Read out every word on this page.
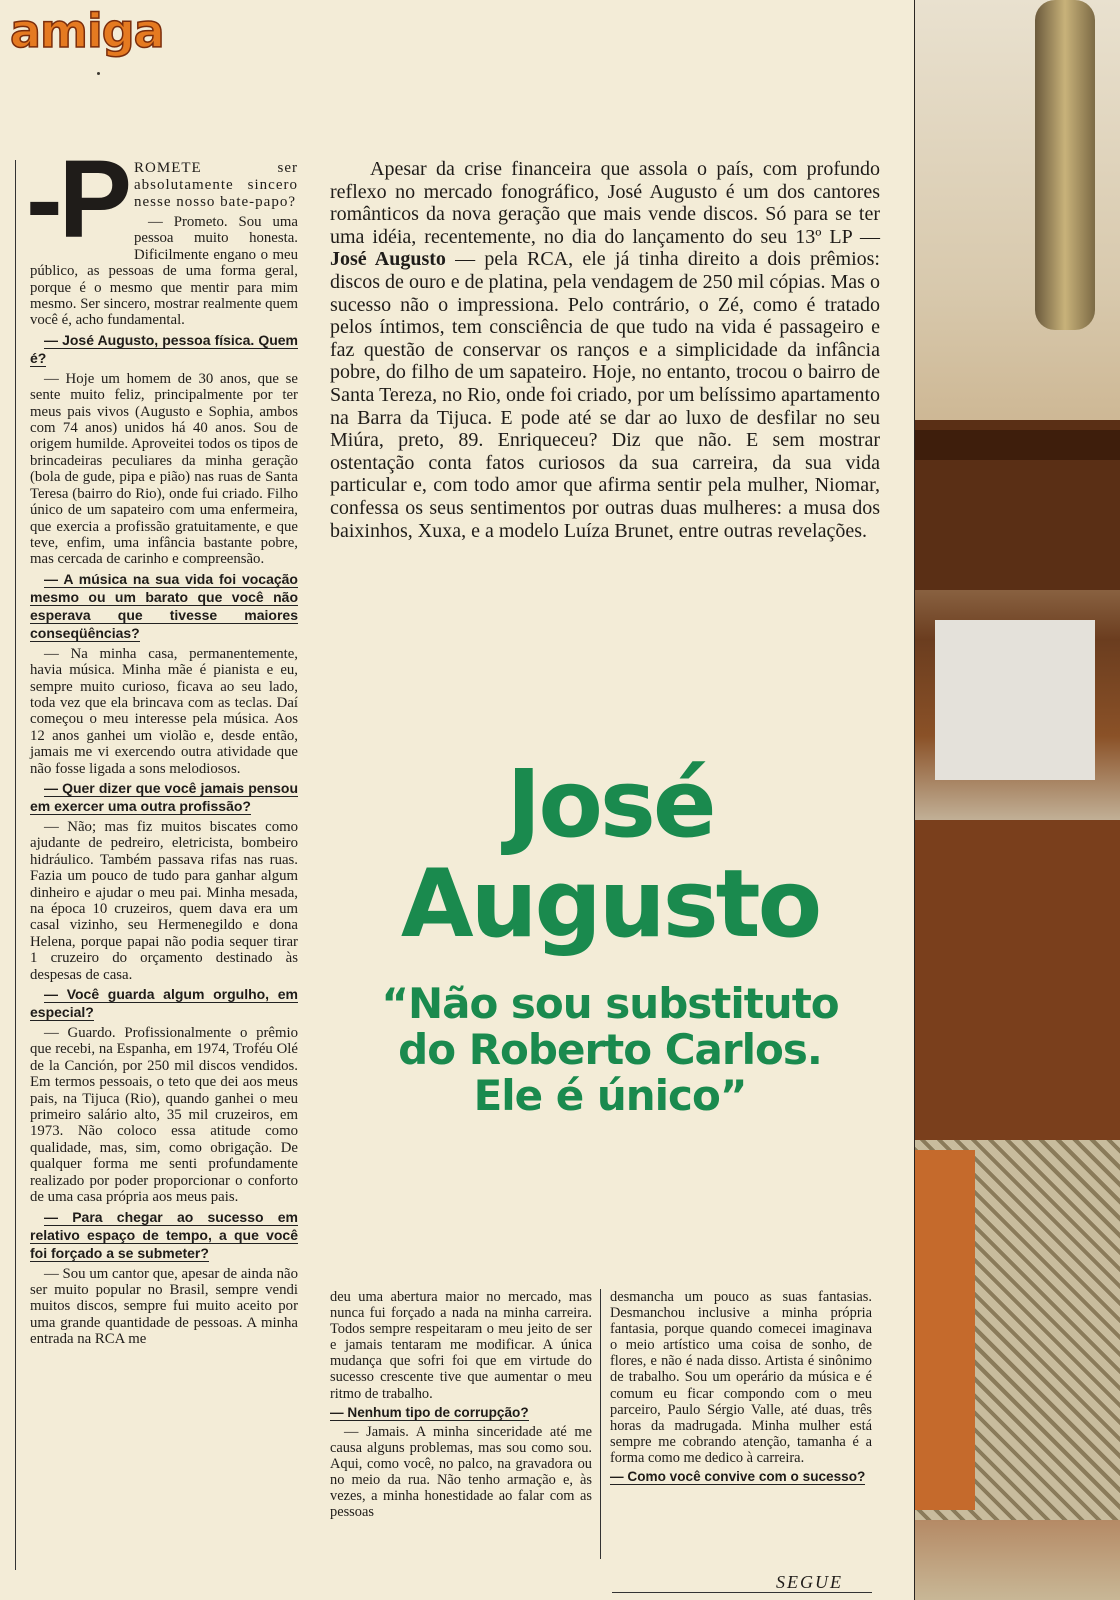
amiga
-P ROMETE ser absolutamente sincero nesse nosso bate-papo?

— Prometo. Sou uma pessoa muito honesta. Dificilmente engano o meu público, as pessoas de uma forma geral, porque é o mesmo que mentir para mim mesmo. Ser sincero, mostrar realmente quem você é, acho fundamental.

— José Augusto, pessoa física. Quem é?

— Hoje um homem de 30 anos, que se sente muito feliz, principalmente por ter meus pais vivos (Augusto e Sophia, ambos com 74 anos) unidos há 40 anos. Sou de origem humilde. Aproveitei todos os tipos de brincadeiras peculiares da minha geração (bola de gude, pipa e pião) nas ruas de Santa Teresa (bairro do Rio), onde fui criado. Filho único de um sapateiro com uma enfermeira, que exercia a profissão gratuitamente, e que teve, enfim, uma infância bastante pobre, mas cercada de carinho e compreensão.

— A música na sua vida foi vocação mesmo ou um barato que você não esperava que tivesse maiores conseqüências?

— Na minha casa, permanentemente, havia música. Minha mãe é pianista e eu, sempre muito curioso, ficava ao seu lado, toda vez que ela brincava com as teclas. Daí começou o meu interesse pela música. Aos 12 anos ganhei um violão e, desde então, jamais me vi exercendo outra atividade que não fosse ligada a sons melodiosos.

— Quer dizer que você jamais pensou em exercer uma outra profissão?

— Não; mas fiz muitos biscates como ajudante de pedreiro, eletricista, bombeiro hidráulico. Também passava rifas nas ruas. Fazia um pouco de tudo para ganhar algum dinheiro e ajudar o meu pai. Minha mesada, na época 10 cruzeiros, quem dava era um casal vizinho, seu Hermenegildo e dona Helena, porque papai não podia sequer tirar 1 cruzeiro do orçamento destinado às despesas de casa.

— Você guarda algum orgulho, em especial?

— Guardo. Profissionalmente o prêmio que recebi, na Espanha, em 1974, Troféu Olé de la Canción, por 250 mil discos vendidos. Em termos pessoais, o teto que dei aos meus pais, na Tijuca (Rio), quando ganhei o meu primeiro salário alto, 35 mil cruzeiros, em 1973. Não coloco essa atitude como qualidade, mas, sim, como obrigação. De qualquer forma me senti profundamente realizado por poder proporcionar o conforto de uma casa própria aos meus pais.

— Para chegar ao sucesso em relativo espaço de tempo, a que você foi forçado a se submeter?

— Sou um cantor que, apesar de ainda não ser muito popular no Brasil, sempre vendi muitos discos, sempre fui muito aceito por uma grande quantidade de pessoas. A minha entrada na RCA me

Apesar da crise financeira que assola o país, com profundo reflexo no mercado fonográfico, José Augusto é um dos cantores românticos da nova geração que mais vende discos. Só para se ter uma idéia, recentemente, no dia do lançamento do seu 13º LP — José Augusto — pela RCA, ele já tinha direito a dois prêmios: discos de ouro e de platina, pela vendagem de 250 mil cópias. Mas o sucesso não o impressiona. Pelo contrário, o Zé, como é tratado pelos íntimos, tem consciência de que tudo na vida é passageiro e faz questão de conservar os ranços e a simplicidade da infância pobre, do filho de um sapateiro. Hoje, no entanto, trocou o bairro de Santa Tereza, no Rio, onde foi criado, por um belíssimo apartamento na Barra da Tijuca. E pode até se dar ao luxo de desfilar no seu Miúra, preto, 89. Enriqueceu? Diz que não. E sem mostrar ostentação conta fatos curiosos da sua carreira, da sua vida particular e, com todo amor que afirma sentir pela mulher, Niomar, confessa os seus sentimentos por outras duas mulheres: a musa dos baixinhos, Xuxa, e a modelo Luíza Brunet, entre outras revelações.

José
Augusto
“Não sou substituto
do Roberto Carlos.
Ele é único”

deu uma abertura maior no mercado, mas nunca fui forçado a nada na minha carreira. Todos sempre respeitaram o meu jeito de ser e jamais tentaram me modificar. A única mudança que sofri foi que em virtude do sucesso crescente tive que aumentar o meu ritmo de trabalho.

— Nenhum tipo de corrupção?

— Jamais. A minha sinceridade até me causa alguns problemas, mas sou como sou. Aqui, como você, no palco, na gravadora ou no meio da rua. Não tenho armação e, às vezes, a minha honestidade ao falar com as pessoas

desmancha um pouco as suas fantasias. Desmanchou inclusive a minha própria fantasia, porque quando comecei imaginava o meio artístico uma coisa de sonho, de flores, e não é nada disso. Artista é sinônimo de trabalho. Sou um operário da música e é comum eu ficar compondo com o meu parceiro, Paulo Sérgio Valle, até duas, três horas da madrugada. Minha mulher está sempre me cobrando atenção, tamanha é a forma como me dedico à carreira.

— Como você convive com o sucesso?

SEGUE
